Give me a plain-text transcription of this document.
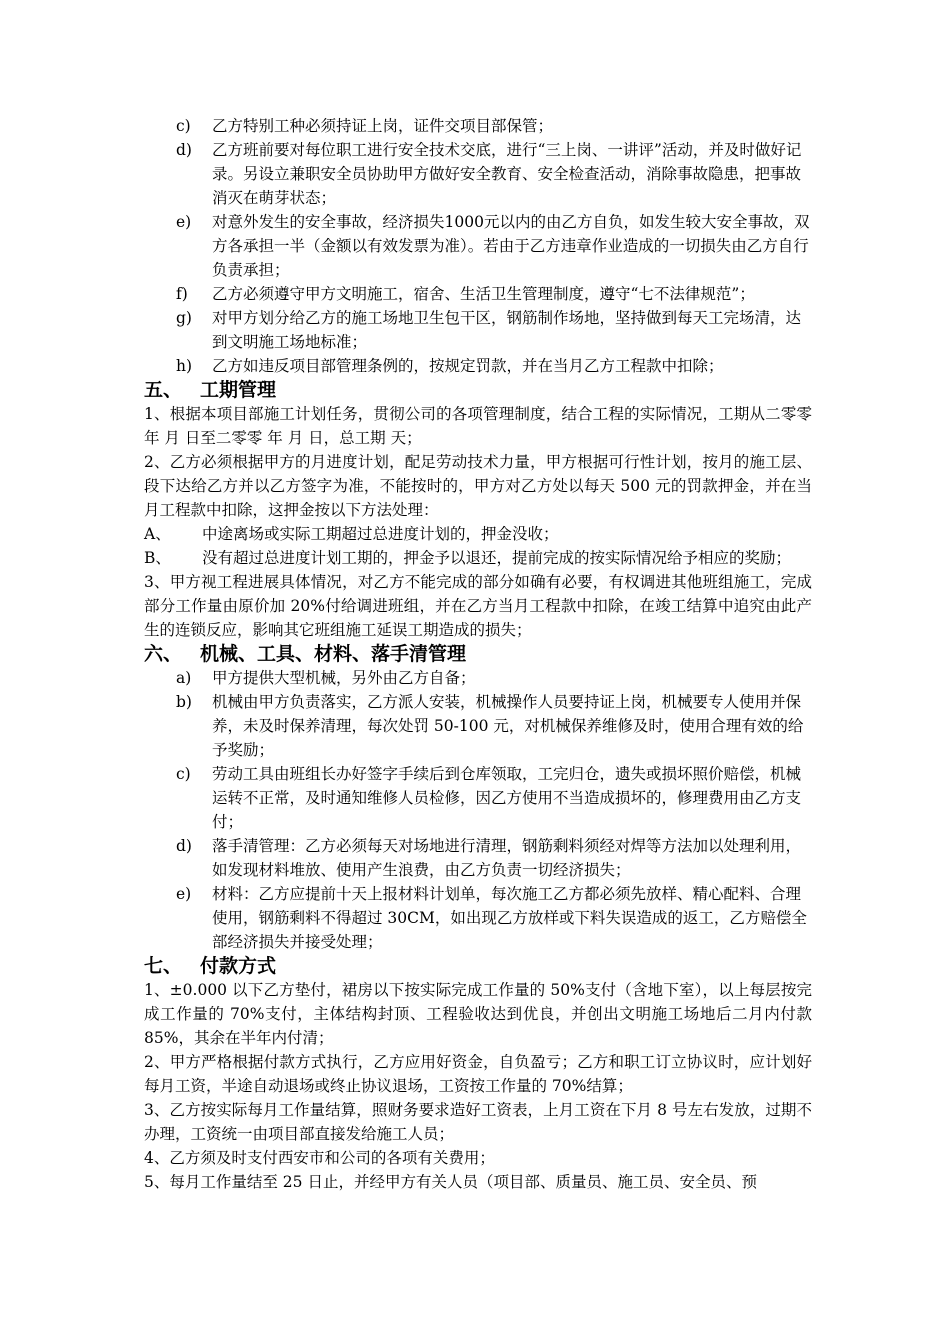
c) 乙方特别工种必须持证上岗，证件交项目部保管；
d) 乙方班前要对每位职工进行安全技术交底，进行“三上岗、一讲评”活动，并及时做好记录。另设立兼职安全员协助甲方做好安全教育、安全检查活动，消除事故隐患，把事故消灭在萌芽状态；
e) 对意外发生的安全事故，经济损失1000元以内的由乙方自负，如发生较大安全事故，双方各承担一半（金额以有效发票为准）。若由于乙方违章作业造成的一切损失由乙方自行负责承担；
f) 乙方必须遵守甲方文明施工，宿舍、生活卫生管理制度，遵守“七不法律规范”；
g) 对甲方划分给乙方的施工场地卫生包干区，钢筋制作场地，坚持做到每天工完场清，达到文明施工场地标准；
h) 乙方如违反项目部管理条例的，按规定罚款，并在当月乙方工程款中扣除；
五、 工期管理

1、根据本项目部施工计划任务，贯彻公司的各项管理制度，结合工程的实际情况，工期从二零零 年 月 日至二零零 年 月 日，总工期 天；

2、乙方必须根据甲方的月进度计划，配足劳动技术力量，甲方根据可行性计划，按月的施工层、段下达给乙方并以乙方签字为准，不能按时的，甲方对乙方处以每天 500 元的罚款押金，并在当月工程款中扣除，这押金按以下方法处理：

A、 中途离场或实际工期超过总进度计划的，押金没收；
B、 没有超过总进度计划工期的，押金予以退还，提前完成的按实际情况给予相应的奖励；

3、甲方视工程进展具体情况，对乙方不能完成的部分如确有必要，有权调进其他班组施工，完成部分工作量由原价加 20%付给调进班组，并在乙方当月工程款中扣除，在竣工结算中追究由此产生的连锁反应，影响其它班组施工延误工期造成的损失；

六、 机械、工具、材料、落手清管理
a) 甲方提供大型机械，另外由乙方自备；
b) 机械由甲方负责落实，乙方派人安装，机械操作人员要持证上岗，机械要专人使用并保养，未及时保养清理，每次处罚 50-100 元，对机械保养维修及时，使用合理有效的给予奖励；
c) 劳动工具由班组长办好签字手续后到仓库领取，工完归仓，遗失或损坏照价赔偿，机械运转不正常，及时通知维修人员检修，因乙方使用不当造成损坏的，修理费用由乙方支付；
d) 落手清管理：乙方必须每天对场地进行清理，钢筋剩料须经对焊等方法加以处理利用，如发现材料堆放、使用产生浪费，由乙方负责一切经济损失；
e) 材料：乙方应提前十天上报材料计划单，每次施工乙方都必须先放样、精心配料、合理使用，钢筋剩料不得超过 30CM，如出现乙方放样或下料失误造成的返工，乙方赔偿全部经济损失并接受处理；
七、 付款方式

1、±0.000 以下乙方垫付，裙房以下按实际完成工作量的 50%支付（含地下室），以上每层按完成工作量的 70%支付，主体结构封顶、工程验收达到优良，并创出文明施工场地后二月内付款 85%，其余在半年内付清；

2、甲方严格根据付款方式执行，乙方应用好资金，自负盈亏；乙方和职工订立协议时，应计划好每月工资，半途自动退场或终止协议退场，工资按工作量的 70%结算；

3、乙方按实际每月工作量结算，照财务要求造好工资表，上月工资在下月 8 号左右发放，过期不办理，工资统一由项目部直接发给施工人员；

4、乙方须及时支付西安市和公司的各项有关费用；

5、每月工作量结至 25 日止，并经甲方有关人员（项目部、质量员、施工员、安全员、预
